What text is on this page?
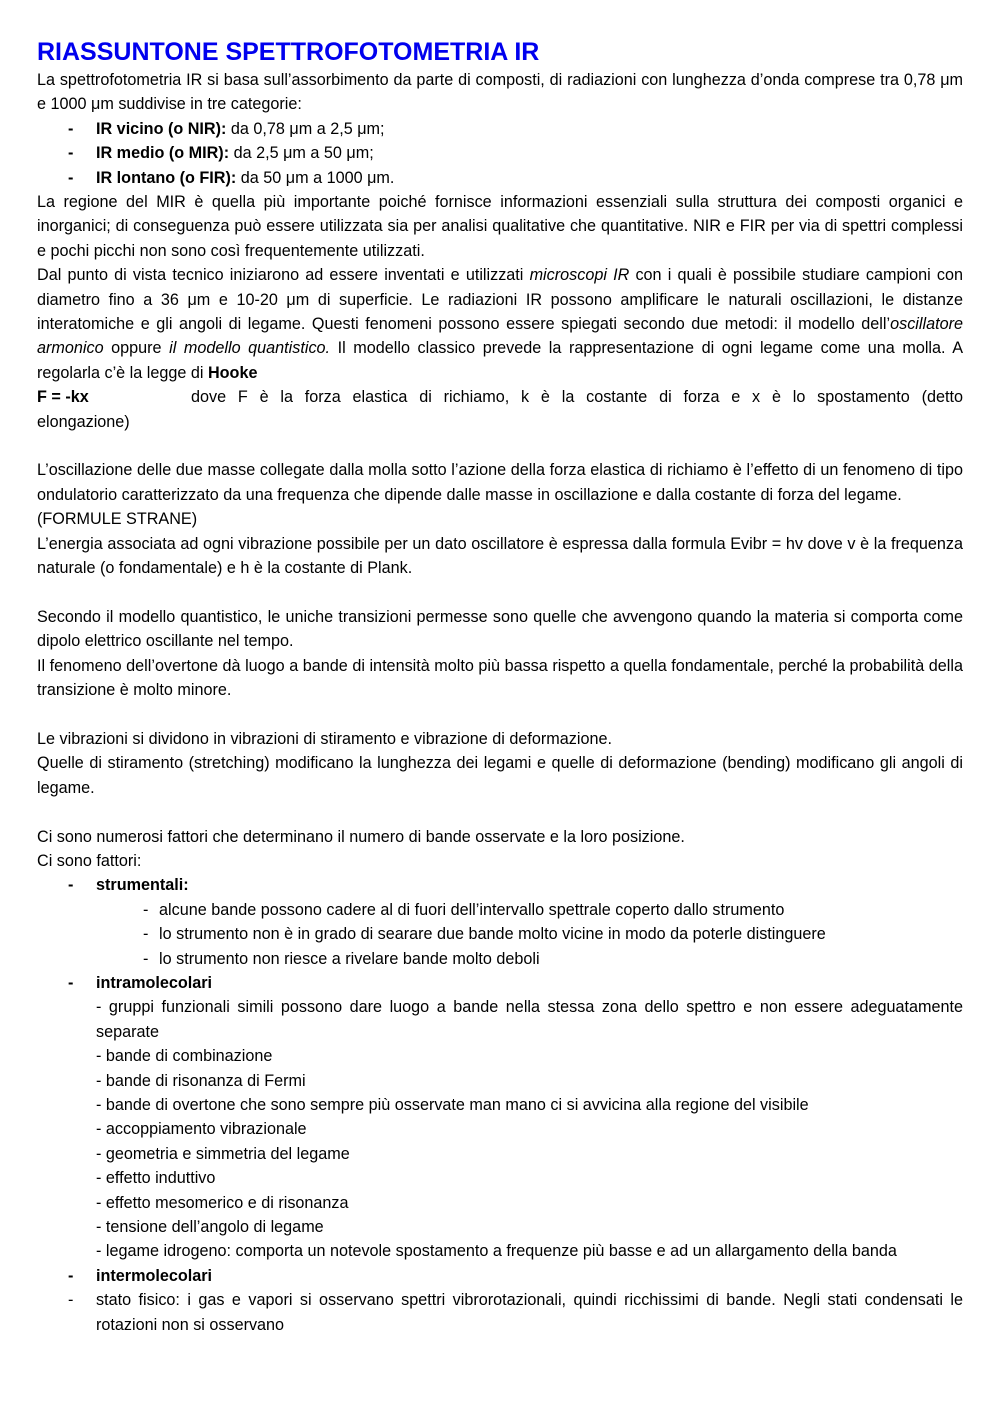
RIASSUNTONE SPETTROFOTOMETRIA IR

La spettrofotometria IR si basa sull’assorbimento da parte di composti, di radiazioni con lunghezza d’onda comprese tra 0,78 μm e 1000 μm suddivise in tre categorie:

- IR vicino (o NIR): da 0,78 μm a 2,5 μm;
- IR medio (o MIR): da 2,5 μm a 50 μm;
- IR lontano (o FIR): da 50 μm a 1000 μm.

La regione del MIR è quella più importante poiché fornisce informazioni essenziali sulla struttura dei composti organici e inorganici; di conseguenza può essere utilizzata sia per analisi qualitative che quantitative. NIR e FIR per via di spettri complessi e pochi picchi non sono così frequentemente utilizzati.

Dal punto di vista tecnico iniziarono ad essere inventati e utilizzati microscopi IR con i quali è possibile studiare campioni con diametro fino a 36 μm e 10-20 μm di superficie. Le radiazioni IR possono amplificare le naturali oscillazioni, le distanze interatomiche e gli angoli di legame. Questi fenomeni possono essere spiegati secondo due metodi: il modello dell’oscillatore armonico oppure il modello quantistico. Il modello classico prevede la rappresentazione di ogni legame come una molla. A regolarla c’è la legge di Hooke

F = -kx	dove F è la forza elastica di richiamo, k è la costante di forza e x è lo spostamento (detto

elongazione)

L’oscillazione delle due masse collegate dalla molla sotto l’azione della forza elastica di richiamo è l’effetto di un fenomeno di tipo ondulatorio caratterizzato da una frequenza che dipende dalle masse in oscillazione e dalla costante di forza del legame.

(FORMULE STRANE)

L’energia associata ad ogni vibrazione possibile per un dato oscillatore è espressa dalla formula Evibr = hv dove v è la frequenza naturale (o fondamentale) e h è la costante di Plank.

Secondo il modello quantistico, le uniche transizioni permesse sono quelle che avvengono quando la materia si comporta come dipolo elettrico oscillante nel tempo.

Il fenomeno dell’overtone dà luogo a bande di intensità molto più bassa rispetto a quella fondamentale, perché la probabilità della transizione è molto minore.

Le vibrazioni si dividono in vibrazioni di stiramento e vibrazione di deformazione.

Quelle di stiramento (stretching) modificano la lunghezza dei legami e quelle di deformazione (bending) modificano gli angoli di legame.

Ci sono numerosi fattori che determinano il numero di bande osservate e la loro posizione.

Ci sono fattori:

- strumentali:
- alcune bande possono cadere al di fuori dell’intervallo spettrale coperto dallo strumento
- lo strumento non è in grado di searare due bande molto vicine in modo da poterle distinguere
- lo strumento non riesce a rivelare bande molto deboli
- intramolecolari
- gruppi funzionali simili possono dare luogo a bande nella stessa zona dello spettro e non essere adeguatamente separate
- bande di combinazione
- bande di risonanza di Fermi
- bande di overtone che sono sempre più osservate man mano ci si avvicina alla regione del visibile
- accoppiamento vibrazionale
- geometria e simmetria del legame
- effetto induttivo
- effetto mesomerico e di risonanza
- tensione dell’angolo di legame
- legame idrogeno: comporta un notevole spostamento a frequenze più basse e ad un allargamento della banda
- intermolecolari
- stato fisico: i gas e vapori si osservano spettri vibrorotazionali, quindi ricchissimi di bande. Negli stati condensati le rotazioni non si osservano
